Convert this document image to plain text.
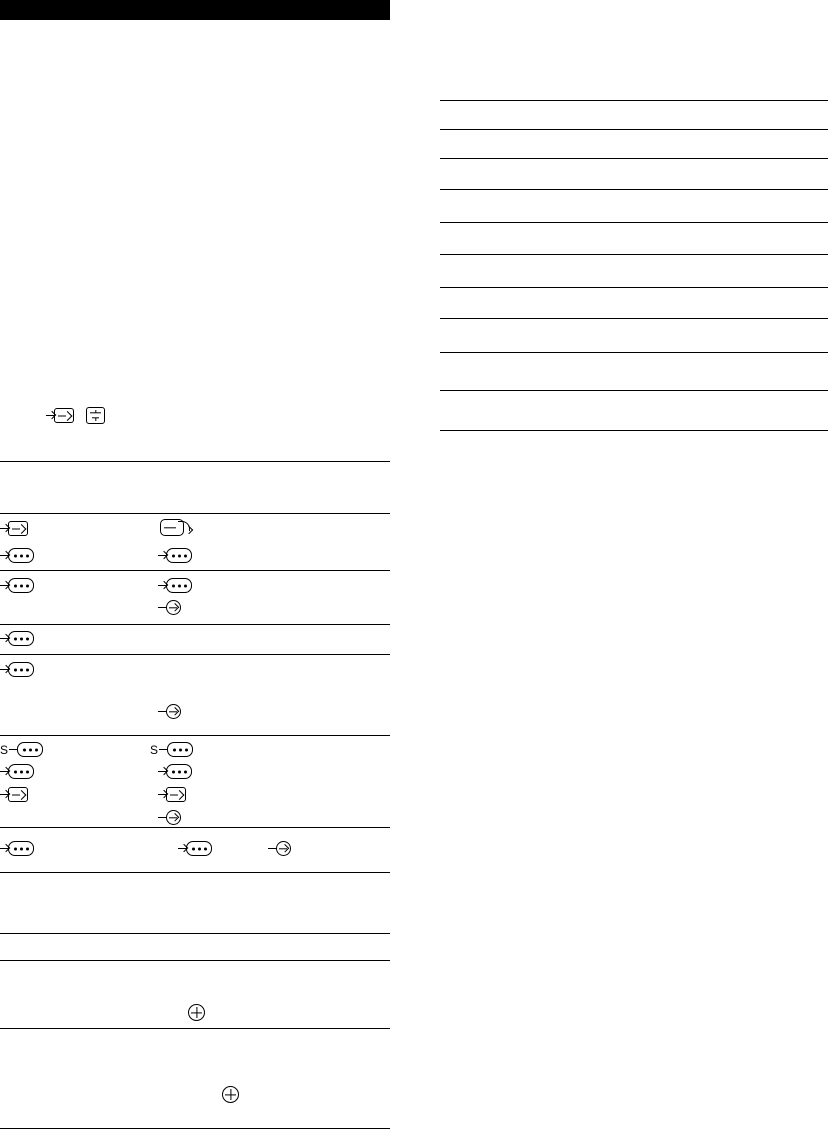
S	S
